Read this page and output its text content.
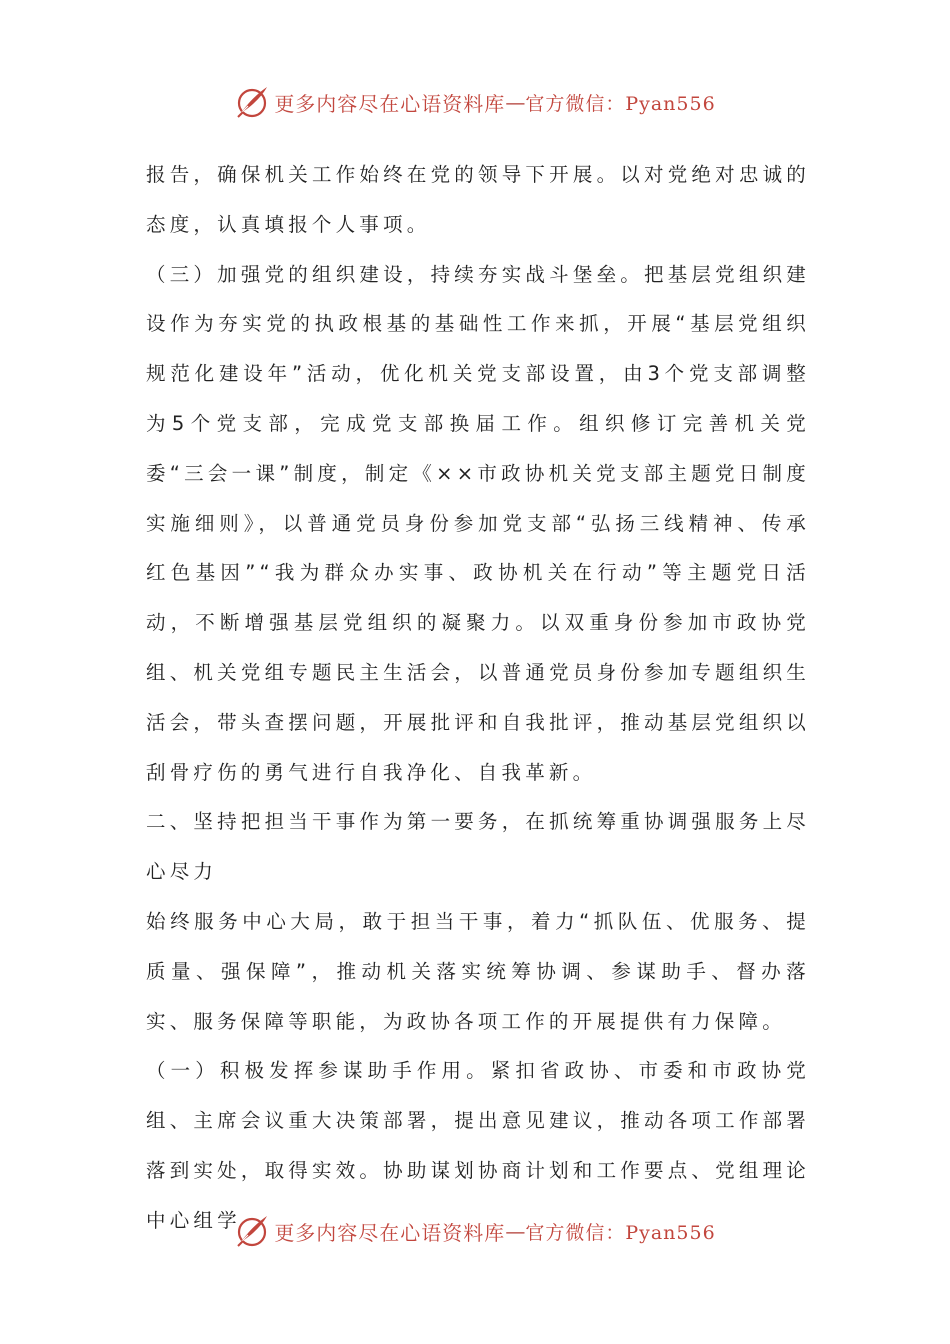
更多内容尽在心语资料库 — 官方微信：Pyan556

报告，确保机关工作始终在党的领导下开展。以对党绝对忠诚的态度，认真填报个人事项。

（三）加强党的组织建设，持续夯实战斗堡垒。把基层党组织建设作为夯实党的执政根基的基础性工作来抓，开展“基层党组织规范化建设年”活动，优化机关党支部设置，由3个党支部调整为5个党支部，完成党支部换届工作。组织修订完善机关党委“三会一课”制度，制定《××市政协机关党支部主题党日制度实施细则》，以普通党员身份参加党支部“弘扬三线精神、传承红色基因”“我为群众办实事、政协机关在行动”等主题党日活动，不断增强基层党组织的凝聚力。以双重身份参加市政协党组、机关党组专题民主生活会，以普通党员身份参加专题组织生活会，带头查摆问题，开展批评和自我批评，推动基层党组织以刮骨疗伤的勇气进行自我净化、自我革新。

二、坚持把担当干事作为第一要务，在抓统筹重协调强服务上尽心尽力

始终服务中心大局，敢于担当干事，着力“抓队伍、优服务、提质量、强保障”，推动机关落实统筹协调、参谋助手、督办落实、服务保障等职能，为政协各项工作的开展提供有力保障。

（一）积极发挥参谋助手作用。紧扣省政协、市委和市政协党组、主席会议重大决策部署，提出意见建议，推动各项工作部署落到实处，取得实效。协助谋划协商计划和工作要点、党组理论中心组学

更多内容尽在心语资料库 — 官方微信：Pyan556
